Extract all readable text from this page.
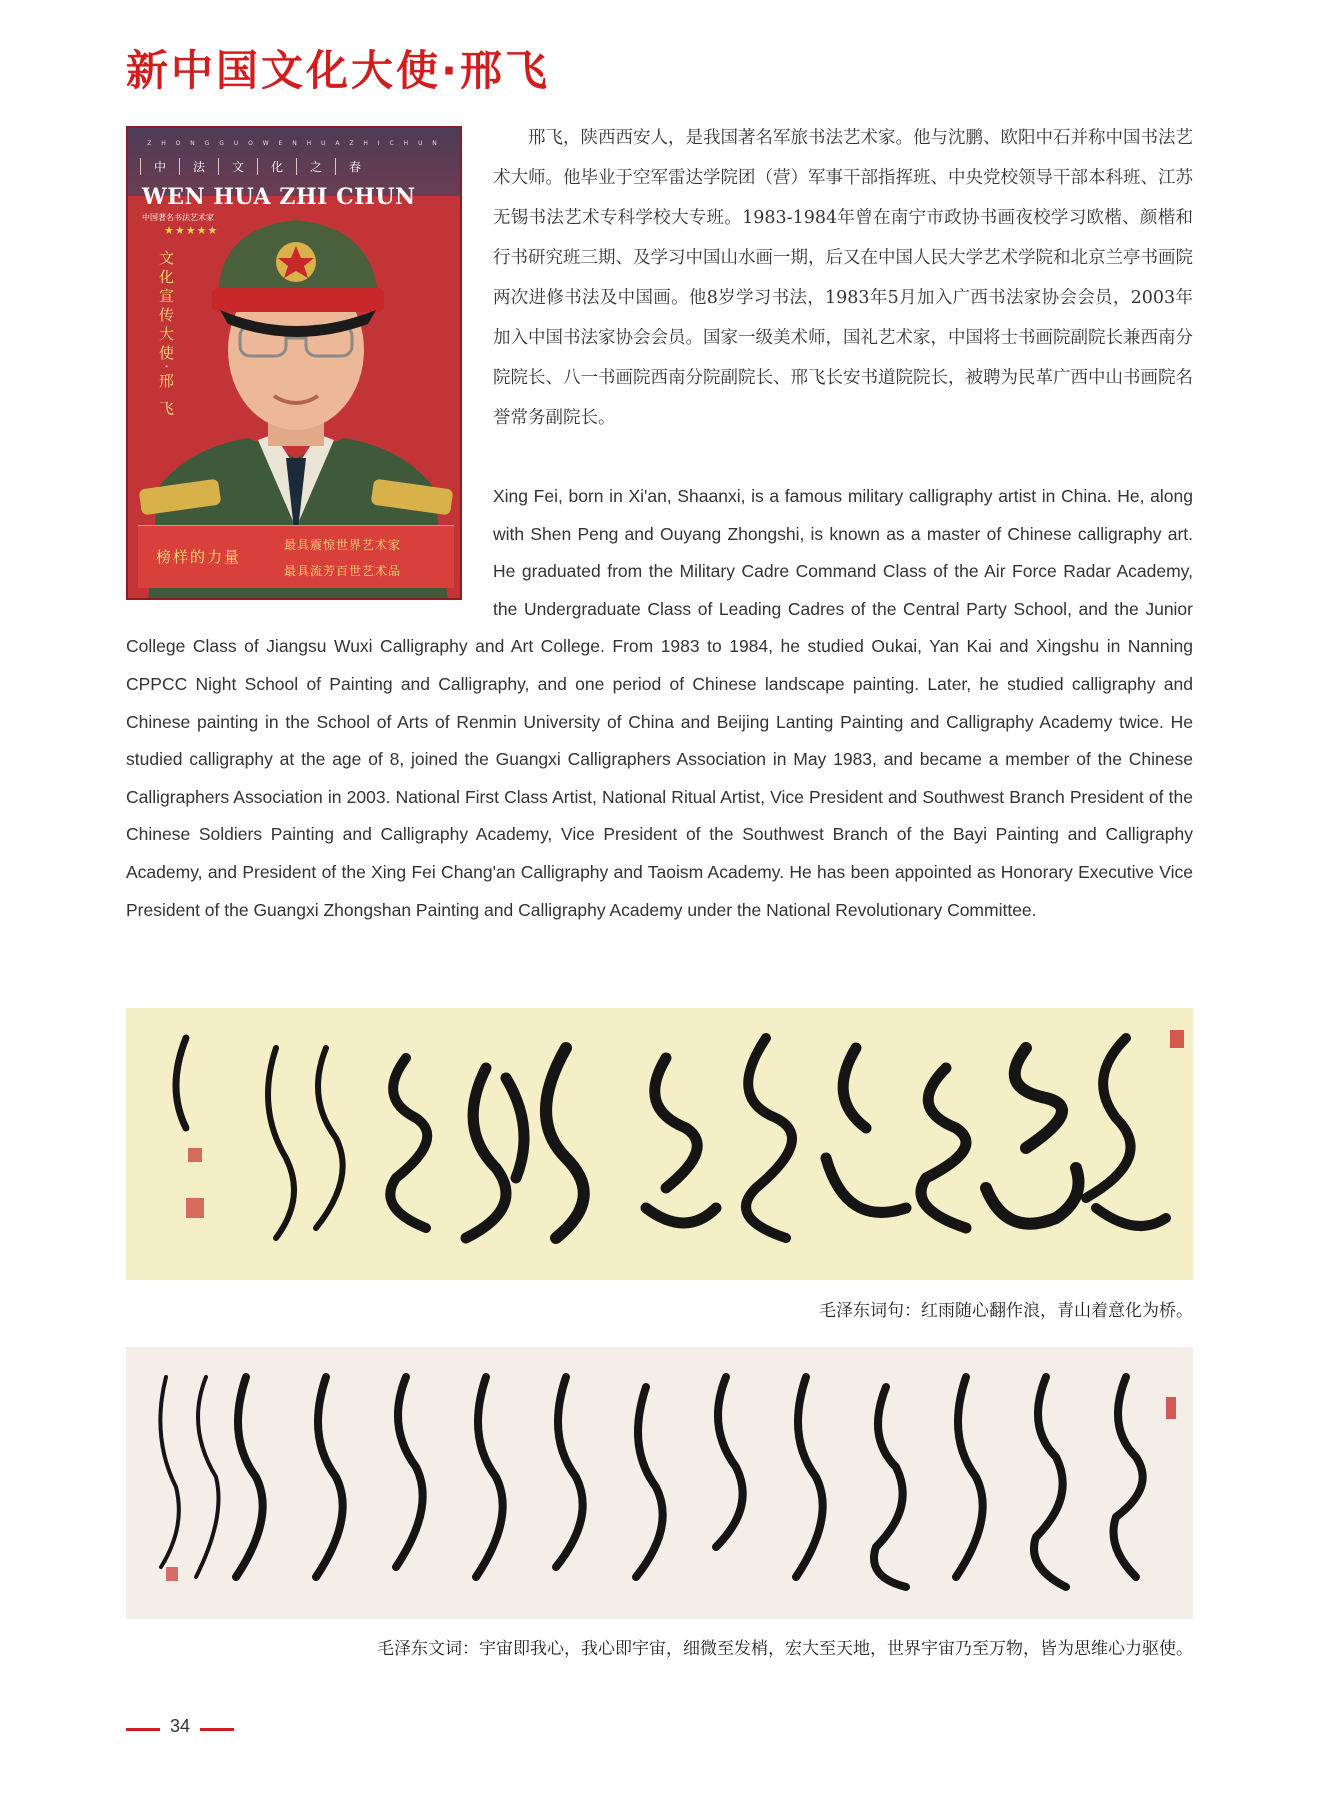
新中国文化大使·邢飞
Z H O N G G U O W E N H U A Z H I C H U N
中	法	文	化	之	春
WEN HUA ZHI CHUN
中国著名书法艺术家
★★★★★
文化宣传大使·邢 飞
榜样的力量
最具震惊世界艺术家
最具流芳百世艺术品

邢飞，陕西西安人，是我国著名军旅书法艺术家。他与沈鹏、欧阳中石并称中国书法艺术大师。他毕业于空军雷达学院团（营）军事干部指挥班、中央党校领导干部本科班、江苏无锡书法艺术专科学校大专班。1983-1984年曾在南宁市政协书画夜校学习欧楷、颜楷和行书研究班三期、及学习中国山水画一期，后又在中国人民大学艺术学院和北京兰亭书画院两次进修书法及中国画。他8岁学习书法，1983年5月加入广西书法家协会会员，2003年加入中国书法家协会会员。国家一级美术师，国礼艺术家，中国将士书画院副院长兼西南分院院长、八一书画院西南分院副院长、邢飞长安书道院院长，被聘为民革广西中山书画院名誉常务副院长。

Xing Fei, born in Xi'an, Shaanxi, is a famous military calligraphy artist in China. He, along with Shen Peng and Ouyang Zhongshi, is known as a master of Chinese calligraphy art. He graduated from the Military Cadre Command Class of the Air Force Radar Academy, the Undergraduate Class of Leading Cadres of the Central Party School, and the Junior College Class of Jiangsu Wuxi Calligraphy and Art College. From 1983 to 1984, he studied Oukai, Yan Kai and Xingshu in Nanning CPPCC Night School of Painting and Calligraphy, and one period of Chinese landscape painting. Later, he studied calligraphy and Chinese painting in the School of Arts of Renmin University of China and Beijing Lanting Painting and Calligraphy Academy twice. He studied calligraphy at the age of 8, joined the Guangxi Calligraphers Association in May 1983, and became a member of the Chinese Calligraphers Association in 2003. National First Class Artist, National Ritual Artist, Vice President and Southwest Branch President of the Chinese Soldiers Painting and Calligraphy Academy, Vice President of the Southwest Branch of the Bayi Painting and Calligraphy Academy, and President of the Xing Fei Chang'an Calligraphy and Taoism Academy. He has been appointed as Honorary Executive Vice President of the Guangxi Zhongshan Painting and Calligraphy Academy under the National Revolutionary Committee.

毛泽东词句：红雨随心翻作浪，青山着意化为桥。

毛泽东文词：宇宙即我心，我心即宇宙，细微至发梢，宏大至天地，世界宇宙乃至万物，皆为思维心力驱使。

34
